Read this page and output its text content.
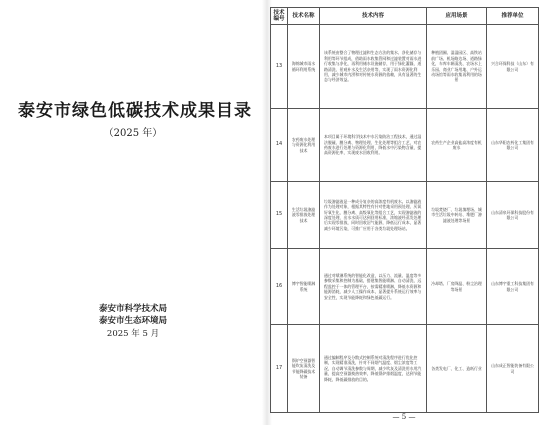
泰安市绿色低碳技术成果目录
（2025 年）
泰安市科学技术局
泰安市生态环境局
2025 年 5 月
技术编号	技术名称	技术内容	应用场景	推荐单位
13	海绵城市雨水循环利用系统	该系统由整合了物理过滤和生态方法的集水、净化储存与利用等环节组成，借助雨水收集管网和过滤装置对雨水进行收集与净化，再利用储水设施储存，用于绿化灌溉、道路清洗、景观补水及生活杂用等，实现了雨水资源化利用，减少城市内涝和对传统水资源的依赖，具有显著的生态与经济效益。	种植团圃、湿湿园区、高铁站前广场、机场路边场、道路绿化，车库车辆清洗、农场水上乐园、商业广场用地、户外运动场馆等雨水收集再利用的场景	兴合环保科技（山东）有限公司

14	农药废水处理与资源化利用技术	本项目属于环境科学技术中水污染防治工程技术，通过湿法脱硫、膜分离、物理处理、生化处理等组合工艺，对农药废水进行处理与资源化利用，降低水中污染物含量，提高资源化率，实现废水回收利用。	农药生产企业高盐高浓度有机废水	山东华阳农药化工集团有限公司

15	生活垃圾渗滤液零排放处理技术	垃圾渗滤液是一种成分复杂的高浓度有机废水。以渗滤液作为处理对象，根据其特性有针对性地采用预处理、厌氧好氧生化、膜分离、高级氧化等组合工艺，实现渗滤液的深度处理，出水水质可达到回用标准，浓缩液经蒸发处理后实现零排放，同时回收沼气能源，降低运行成本，显著减少环境污染，可推广应用于各类垃圾处理场站。	垃圾焚烧厂、垃圾填埋场、城市生活垃圾中转站、堆肥厂渗滤液处理等场景	山东清泉环保科技股份有限公司

16	博宇智能喷淋系统	通过对喷淋系统的智能化改造，以压力、流量、温度等多参数采集和控制为基础，搭建集智能喷淋、自动清洗、远程监控于一体的管理平台，按需精准喷淋，降低水资源和能源消耗，减少人工操作成本，显著提升系统运行效率与安全性，实现节能降耗和绿色低碳运行。	冷却塔、厂房降温、粉尘治理等场景	山东博宇重工科技集团有限公司

17	锅炉空预器智能吹灰清洗及节能降碳技术装备	通过编制程序及分散式控制系统对清洗程序进行优化控制，实现精准清洗，针对不同烟气温度、烟尘浓度等工况，自动调节清洗参数与周期，减少吹灰及清洗用水用汽量，提高空预器换热效率，降低锅炉排烟温度，达到节能降耗、降低碳排放的目的。	各类发电厂、化工、造纸行业	山东成正智能装备有限公司
— 5 —
